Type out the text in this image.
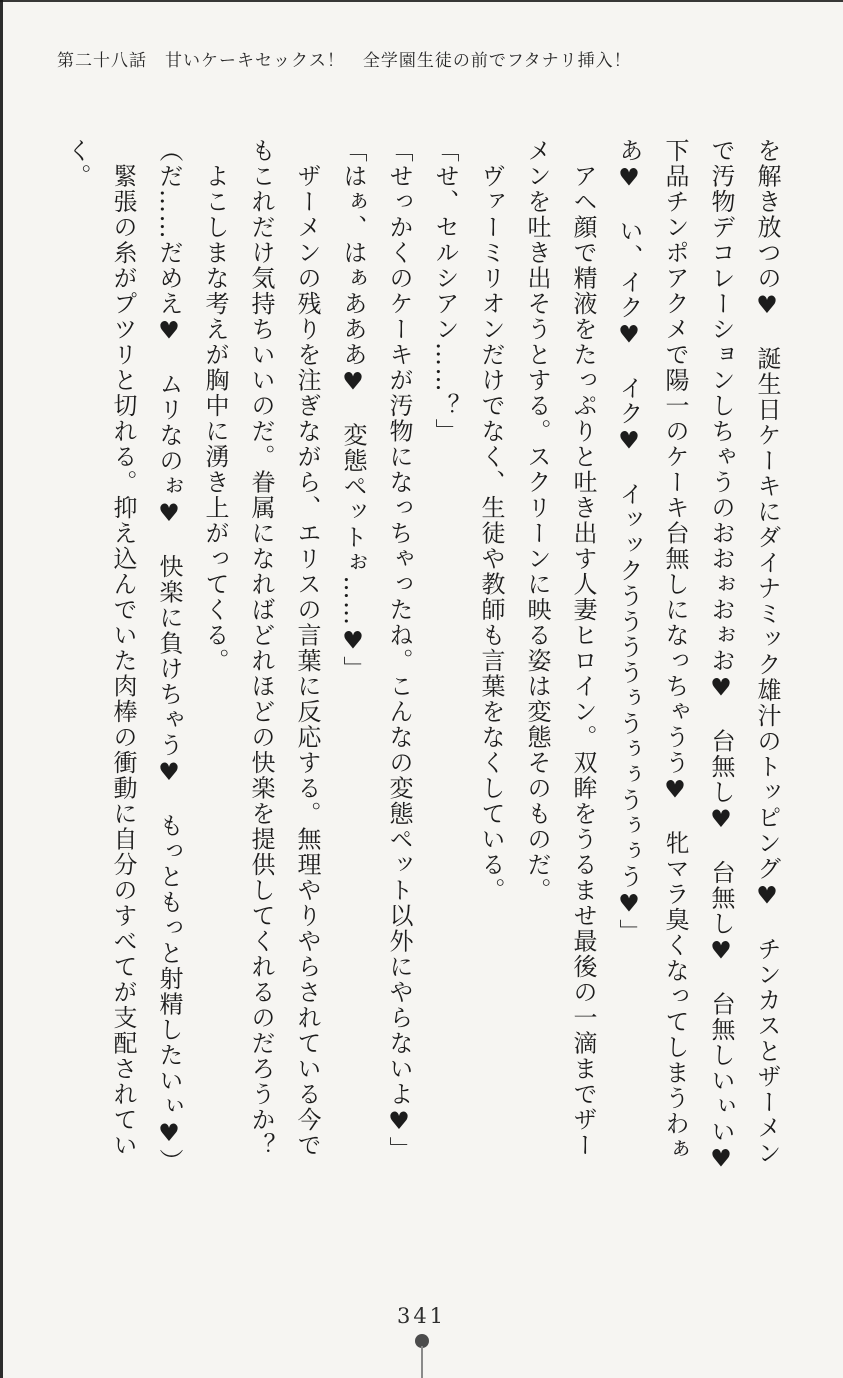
第二十八話　甘いケーキセックス！　全学園生徒の前でフタナリ挿入！

を解き放つの♥　誕生日ケーキにダイナミック雄汁のトッピング♥　チンカスとザーメン

で汚物デコレーションしちゃうのおおぉおぉお♥　台無し♥　台無し♥　台無しいぃい♥

下品チンポアクメで陽一のケーキ台無しになっちゃうう♥　牝マラ臭くなってしまうわぁ

あ♥　い、イク♥　イク♥　イッックううううぅうぅぅうぅぅう♥」

　アヘ顔で精液をたっぷりと吐き出す人妻ヒロイン。双眸をうるませ最後の一滴までザー

メンを吐き出そうとする。スクリーンに映る姿は変態そのものだ。

　ヴァーミリオンだけでなく、生徒や教師も言葉をなくしている。

「せ、セルシアン……？」

「せっかくのケーキが汚物になっちゃったね。こんなの変態ペット以外にやらないよ♥」

「はぁ、はぁあああ♥　変態ペットぉ……♥」

　ザーメンの残りを注ぎながら、エリスの言葉に反応する。無理やりやらされている今で

もこれだけ気持ちいいのだ。眷属になればどれほどの快楽を提供してくれるのだろうか？

　よこしまな考えが胸中に湧き上がってくる。

（だ……だめえ♥　ムリなのぉ♥　快楽に負けちゃう♥　もっともっと射精したいぃ♥）

　緊張の糸がプツリと切れる。抑え込んでいた肉棒の衝動に自分のすべてが支配されてい

く。

341
